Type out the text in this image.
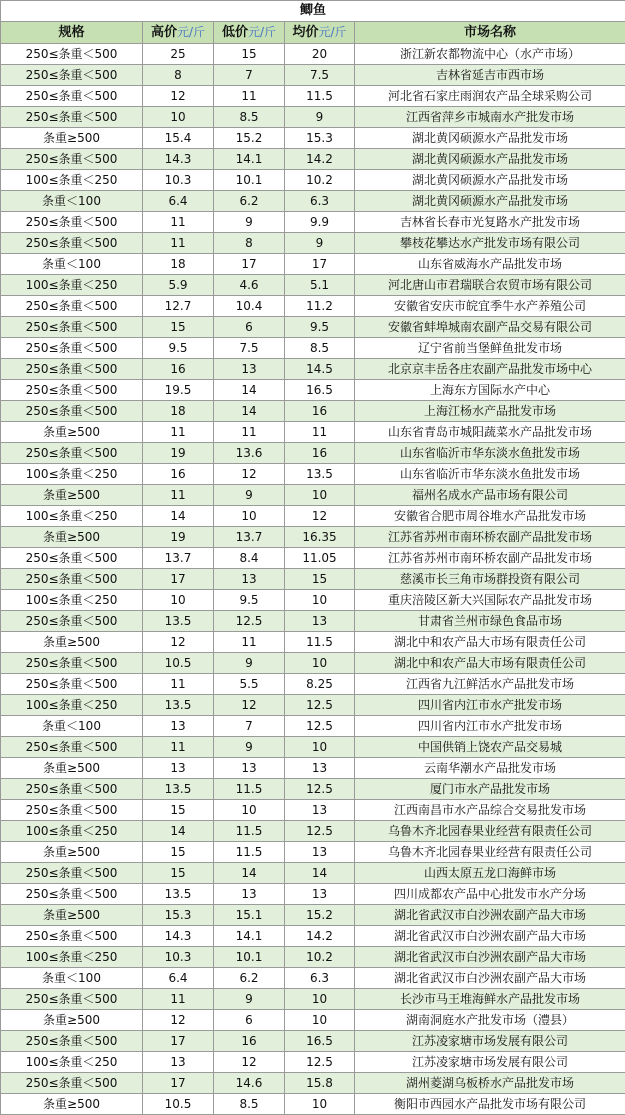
鲫鱼				
规格	高价元/斤	低价元/斤	均价元/斤	市场名称
250≤条重＜500	25	15	20	浙江新农都物流中心（水产市场）
250≤条重＜500	8	7	7.5	吉林省延吉市西市场
250≤条重＜500	12	11	11.5	河北省石家庄雨润农产品全球采购公司
250≤条重＜500	10	8.5	9	江西省萍乡市城南水产批发市场
条重≥500	15.4	15.2	15.3	湖北黄冈硕源水产品批发市场
250≤条重＜500	14.3	14.1	14.2	湖北黄冈硕源水产品批发市场
100≤条重＜250	10.3	10.1	10.2	湖北黄冈硕源水产品批发市场
条重＜100	6.4	6.2	6.3	湖北黄冈硕源水产品批发市场
250≤条重＜500	11	9	9.9	吉林省长春市光复路水产批发市场
250≤条重＜500	11	8	9	攀枝花攀达水产批发市场有限公司
条重＜100	18	17	17	山东省威海水产品批发市场
100≤条重＜250	5.9	4.6	5.1	河北唐山市君瑞联合农贸市场有限公司
250≤条重＜500	12.7	10.4	11.2	安徽省安庆市皖宜季牛水产养殖公司
250≤条重＜500	15	6	9.5	安徽省蚌埠城南农副产品交易有限公司
250≤条重＜500	9.5	7.5	8.5	辽宁省前当堡鲜鱼批发市场
250≤条重＜500	16	13	14.5	北京京丰岳各庄农副产品批发市场中心
250≤条重＜500	19.5	14	16.5	上海东方国际水产中心
250≤条重＜500	18	14	16	上海江杨水产品批发市场
条重≥500	11	11	11	山东省青岛市城阳蔬菜水产品批发市场
250≤条重＜500	19	13.6	16	山东省临沂市华东淡水鱼批发市场
100≤条重＜250	16	12	13.5	山东省临沂市华东淡水鱼批发市场
条重≥500	11	9	10	福州名成水产品市场有限公司
100≤条重＜250	14	10	12	安徽省合肥市周谷堆水产品批发市场
条重≥500	19	13.7	16.35	江苏省苏州市南环桥农副产品批发市场
250≤条重＜500	13.7	8.4	11.05	江苏省苏州市南环桥农副产品批发市场
250≤条重＜500	17	13	15	慈溪市长三角市场群投资有限公司
100≤条重＜250	10	9.5	10	重庆涪陵区新大兴国际农产品批发市场
250≤条重＜500	13.5	12.5	13	甘肃省兰州市绿色食品市场
条重≥500	12	11	11.5	湖北中和农产品大市场有限责任公司
250≤条重＜500	10.5	9	10	湖北中和农产品大市场有限责任公司
250≤条重＜500	11	5.5	8.25	江西省九江鲜活水产品批发市场
100≤条重＜250	13.5	12	12.5	四川省内江市水产批发市场
条重＜100	13	7	12.5	四川省内江市水产批发市场
250≤条重＜500	11	9	10	中国供销上饶农产品交易城
条重≥500	13	13	13	云南华潮水产品批发市场
250≤条重＜500	13.5	11.5	12.5	厦门市水产品批发市场
250≤条重＜500	15	10	13	江西南昌市水产品综合交易批发市场
100≤条重＜250	14	11.5	12.5	乌鲁木齐北园春果业经营有限责任公司
条重≥500	15	11.5	13	乌鲁木齐北园春果业经营有限责任公司
250≤条重＜500	15	14	14	山西太原五龙口海鲜市场
250≤条重＜500	13.5	13	13	四川成都农产品中心批发市水产分场
条重≥500	15.3	15.1	15.2	湖北省武汉市白沙洲农副产品大市场
250≤条重＜500	14.3	14.1	14.2	湖北省武汉市白沙洲农副产品大市场
100≤条重＜250	10.3	10.1	10.2	湖北省武汉市白沙洲农副产品大市场
条重＜100	6.4	6.2	6.3	湖北省武汉市白沙洲农副产品大市场
250≤条重＜500	11	9	10	长沙市马王堆海鲜水产品批发市场
条重≥500	12	6	10	湖南洞庭水产批发市场（澧县）
250≤条重＜500	17	16	16.5	江苏凌家塘市场发展有限公司
100≤条重＜250	13	12	12.5	江苏凌家塘市场发展有限公司
250≤条重＜500	17	14.6	15.8	湖州菱湖乌板桥水产品批发市场
条重≥500	10.5	8.5	10	衡阳市西园水产品批发市场有限公司
